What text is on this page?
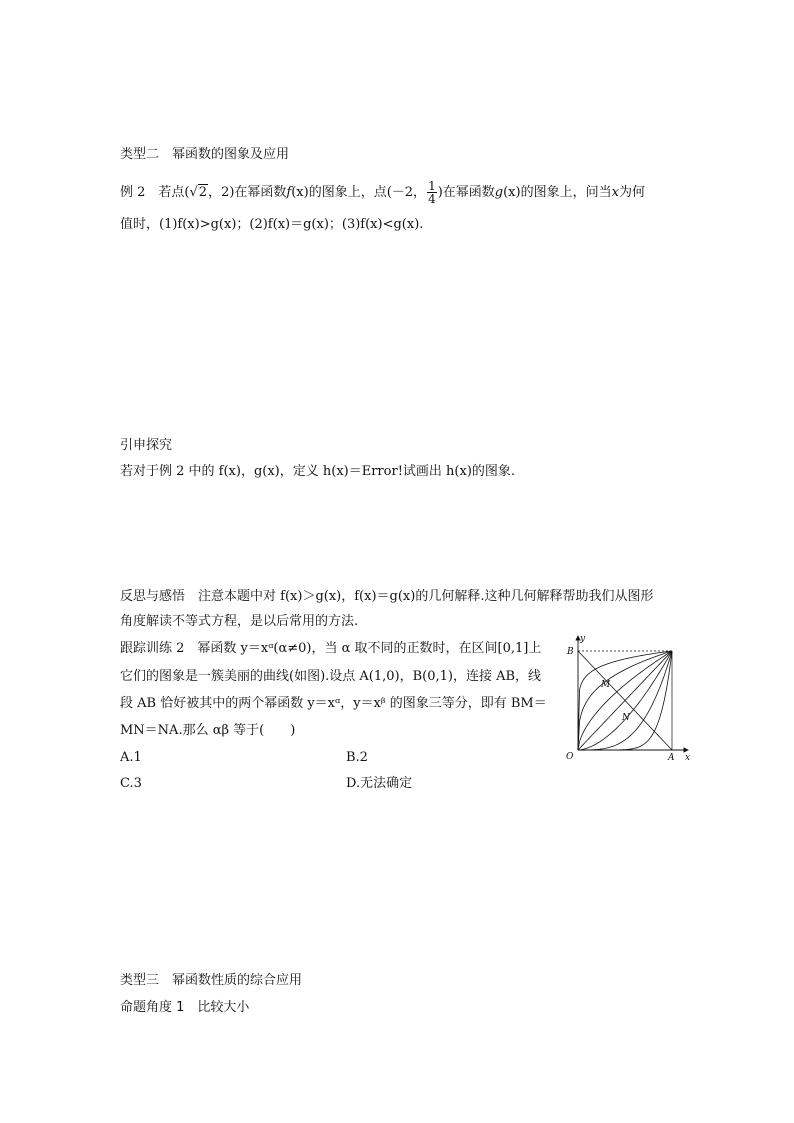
类型二　幂函数的图象及应用
例 2　 若点(√2，2)在幂函数f(x)的图象上，点(－2， $\frac{1}{4}$ )在幂函数g(x)的图象上，问当x为何
值时，(1)f(x)>g(x)；(2)f(x)＝g(x)；(3)f(x)<g(x).
引申探究
若对于例 2 中的 f(x)，g(x)，定义 h(x)＝Error!试画出 h(x)的图象.
反思与感悟　 注意本题中对 f(x)＞g(x)，f(x)＝g(x)的几何解释.这种几何解释帮助我们从图形
角度解读不等式方程，是以后常用的方法.
跟踪训练 2　幂函数 y＝xᵅ(α≠0)，当 α 取不同的正数时，在区间[0,1]上
它们的图象是一簇美丽的曲线(如图).设点 A(1,0)，B(0,1)，连接 AB，线
段 AB 恰好被其中的两个幂函数 y＝xᵅ，y＝xᵝ 的图象三等分，即有 BM＝
MN＝NA.那么 αβ 等于(　　)
A.1	B.2
C.3	D.无法确定
y
x
O	A
B
M
N
类型三　幂函数性质的综合应用
命题角度 1　比较大小
